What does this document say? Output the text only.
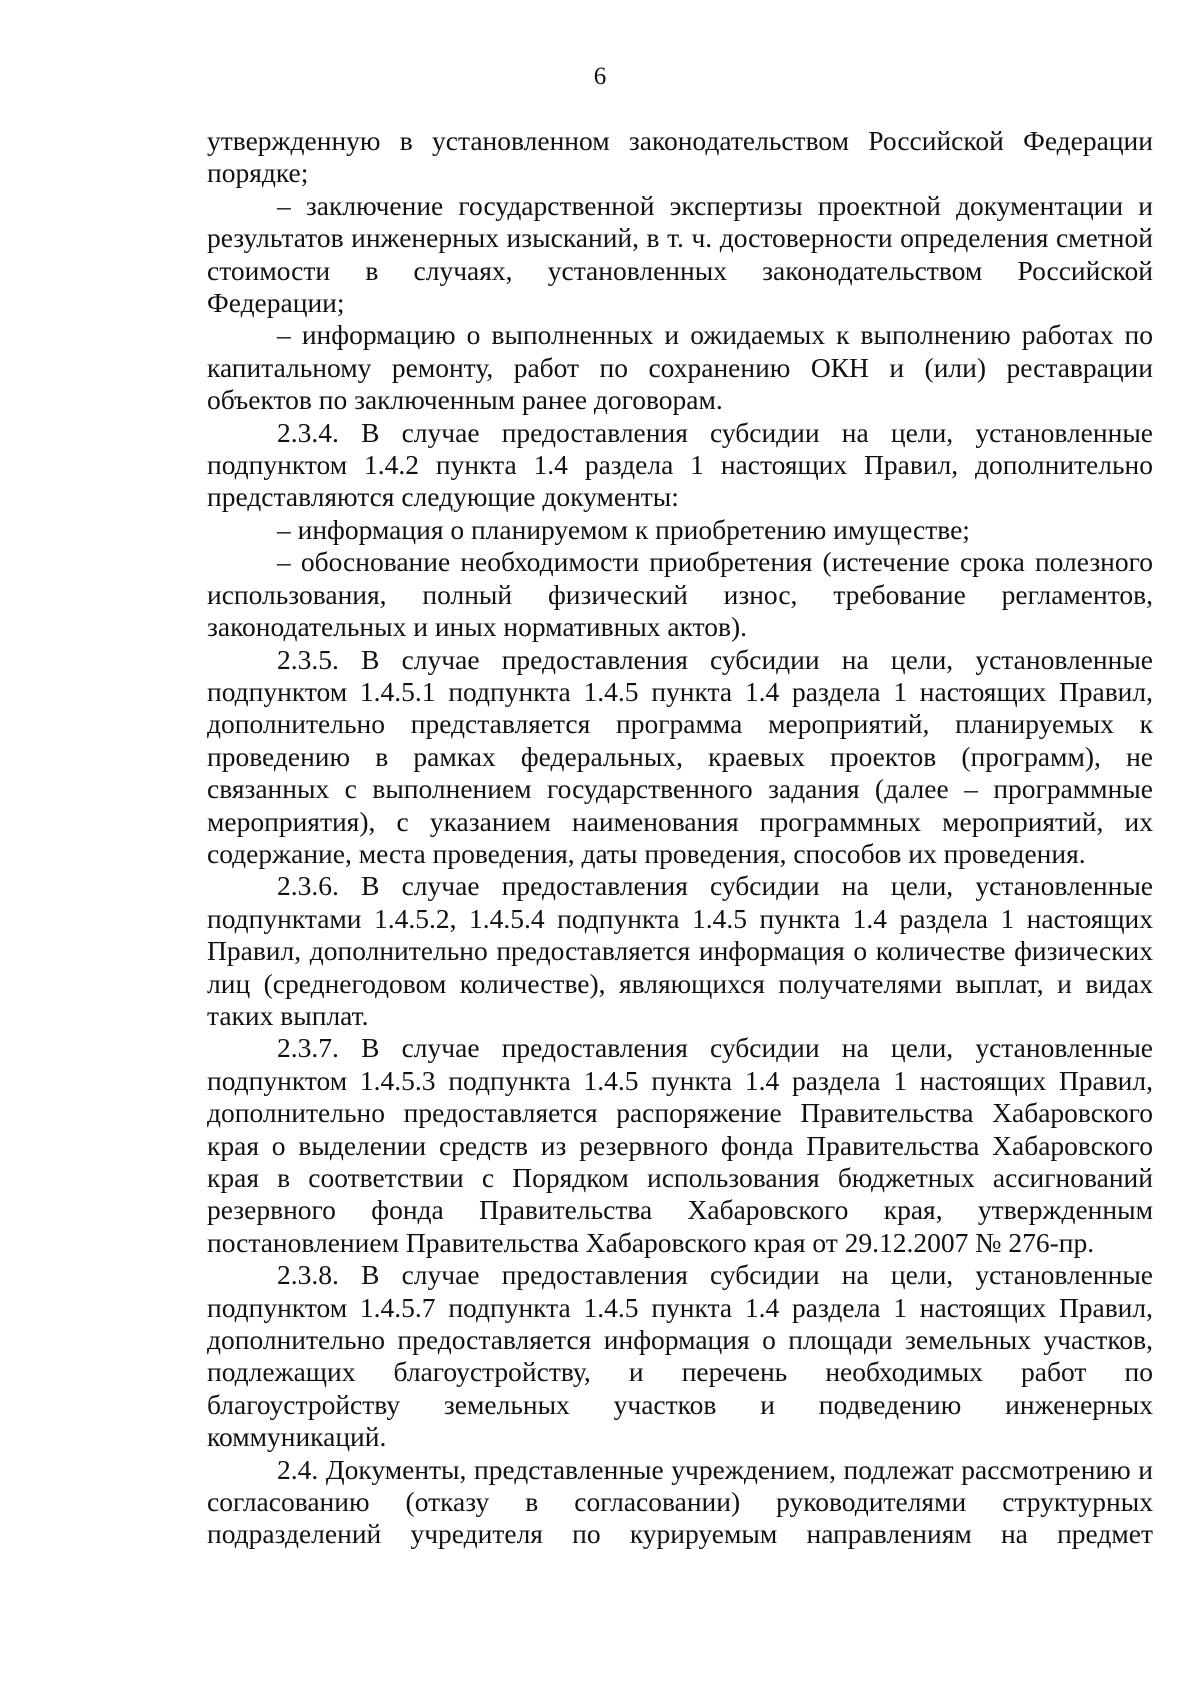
6

утвержденную в установленном законодательством Российской Федерации порядке;

– заключение государственной экспертизы проектной документации и результатов инженерных изысканий, в т. ч. достоверности определения сметной стоимости в случаях, установленных законодательством Российской Федерации;

– информацию о выполненных и ожидаемых к выполнению работах по капитальному ремонту, работ по сохранению ОКН и (или) реставрации объектов по заключенным ранее договорам.

2.3.4. В случае предоставления субсидии на цели, установленные подпунктом 1.4.2 пункта 1.4 раздела 1 настоящих Правил, дополнительно представляются следующие документы:

– информация о планируемом к приобретению имуществе;

– обоснование необходимости приобретения (истечение срока полезного использования, полный физический износ, требование регламентов, законодательных и иных нормативных актов).

2.3.5. В случае предоставления субсидии на цели, установленные подпунктом 1.4.5.1 подпункта 1.4.5 пункта 1.4 раздела 1 настоящих Правил, дополнительно представляется программа мероприятий, планируемых к проведению в рамках федеральных, краевых проектов (программ), не связанных с выполнением государственного задания (далее – программные мероприятия), с указанием наименования программных мероприятий, их содержание, места проведения, даты проведения, способов их проведения.

2.3.6. В случае предоставления субсидии на цели, установленные подпунктами 1.4.5.2, 1.4.5.4 подпункта 1.4.5 пункта 1.4 раздела 1 настоящих Правил, дополнительно предоставляется информация о количестве физических лиц (среднегодовом количестве), являющихся получателями выплат, и видах таких выплат.

2.3.7. В случае предоставления субсидии на цели, установленные подпунктом 1.4.5.3 подпункта 1.4.5 пункта 1.4 раздела 1 настоящих Правил, дополнительно предоставляется распоряжение Правительства Хабаровского края о выделении средств из резервного фонда Правительства Хабаровского края в соответствии с Порядком использования бюджетных ассигнований резервного фонда Правительства Хабаровского края, утвержденным постановлением Правительства Хабаровского края от 29.12.2007 № 276-пр.

2.3.8. В случае предоставления субсидии на цели, установленные подпунктом 1.4.5.7 подпункта 1.4.5 пункта 1.4 раздела 1 настоящих Правил, дополнительно предоставляется информация о площади земельных участков, подлежащих благоустройству, и перечень необходимых работ по благоустройству земельных участков и подведению инженерных коммуникаций.

2.4. Документы, представленные учреждением, подлежат рассмотрению и согласованию (отказу в согласовании) руководителями структурных подразделений учредителя по курируемым направлениям на предмет
